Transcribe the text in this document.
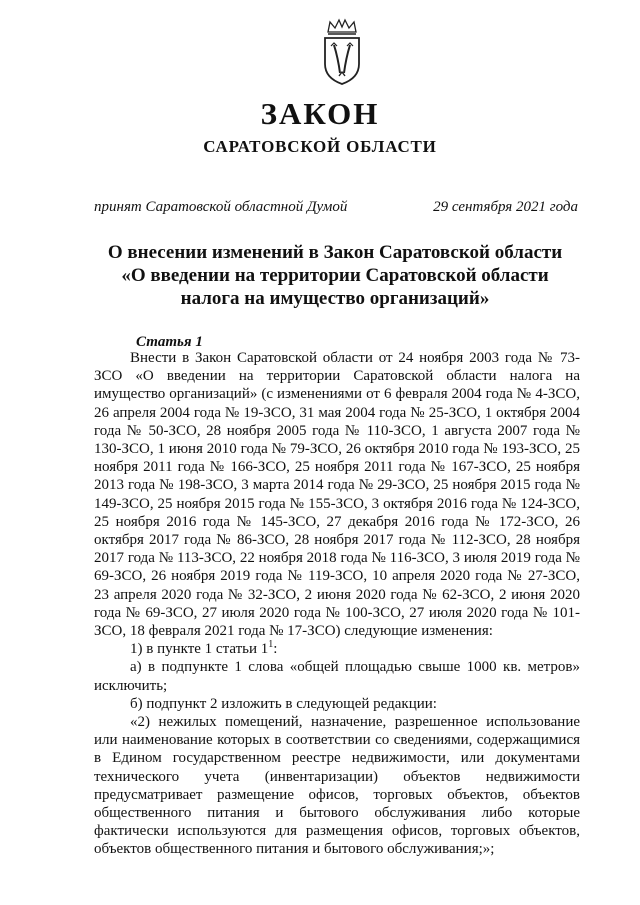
ЗАКОН
САРАТОВСКОЙ ОБЛАСТИ
принят Саратовской областной Думой	29 сентября 2021 года
О внесении изменений в Закон Саратовской области
«О введении на территории Саратовской области
налога на имущество организаций»
Статья 1

Внести в Закон Саратовской области от 24 ноября 2003 года № 73-ЗСО «О введении на территории Саратовской области налога на имущество организаций» (с изменениями от 6 февраля 2004 года № 4-ЗСО, 26 апреля 2004 года № 19-ЗСО, 31 мая 2004 года № 25-ЗСО, 1 октября 2004 года № 50-ЗСО, 28 ноября 2005 года № 110-ЗСО, 1 августа 2007 года № 130-ЗСО, 1 июня 2010 года № 79-ЗСО, 26 октября 2010 года № 193-ЗСО, 25 ноября 2011 года № 166-ЗСО, 25 ноября 2011 года № 167-ЗСО, 25 ноября 2013 года № 198-ЗСО, 3 марта 2014 года № 29-ЗСО, 25 ноября 2015 года № 149-ЗСО, 25 ноября 2015 года № 155-ЗСО, 3 октября 2016 года № 124-ЗСО, 25 ноября 2016 года № 145-ЗСО, 27 декабря 2016 года № 172-ЗСО, 26 октября 2017 года № 86-ЗСО, 28 ноября 2017 года № 112-ЗСО, 28 ноября 2017 года № 113-ЗСО, 22 ноября 2018 года № 116-ЗСО, 3 июля 2019 года № 69-ЗСО, 26 ноября 2019 года № 119-ЗСО, 10 апреля 2020 года № 27-ЗСО, 23 апреля 2020 года № 32-ЗСО, 2 июня 2020 года № 62-ЗСО, 2 июня 2020 года № 69-ЗСО, 27 июля 2020 года № 100-ЗСО, 27 июля 2020 года № 101-ЗСО, 18 февраля 2021 года № 17-ЗСО) следующие изменения:

1) в пункте 1 статьи $1^1$:

а) в подпункте 1 слова «общей площадью свыше 1000 кв. метров» исключить;

б) подпункт 2 изложить в следующей редакции:

«2) нежилых помещений, назначение, разрешенное использование или наименование которых в соответствии со сведениями, содержащимися в Едином государственном реестре недвижимости, или документами технического учета (инвентаризации) объектов недвижимости предусматривает размещение офисов, торговых объектов, объектов общественного питания и бытового обслуживания либо которые фактически используются для размещения офисов, торговых объектов, объектов общественного питания и бытового обслуживания;»;
